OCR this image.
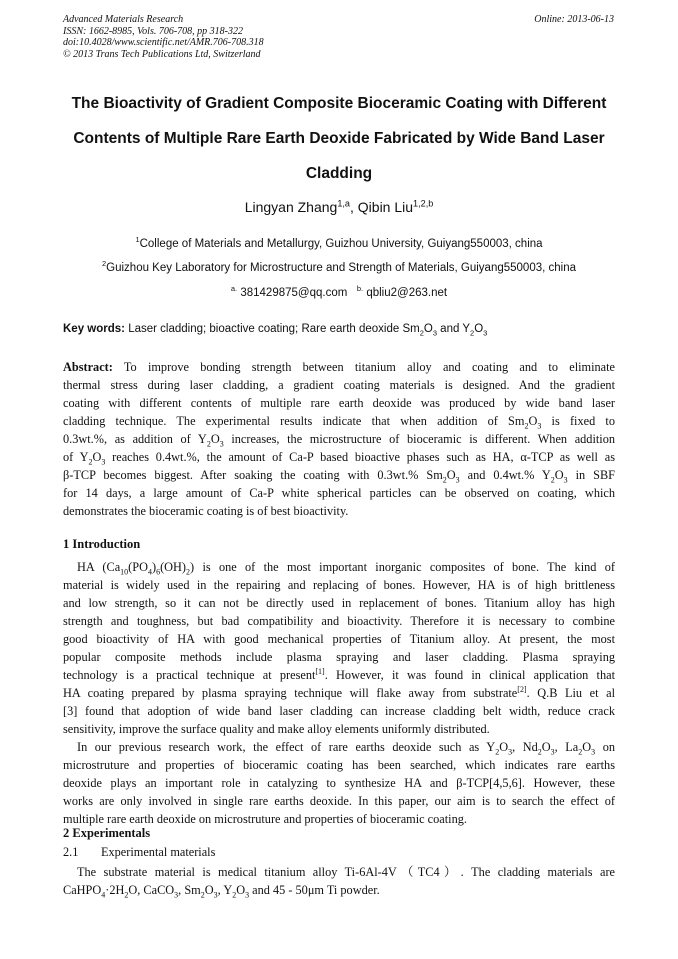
Advanced Materials Research
ISSN: 1662-8985, Vols. 706-708, pp 318-322
doi:10.4028/www.scientific.net/AMR.706-708.318
© 2013 Trans Tech Publications Ltd, Switzerland
Online: 2013-06-13
The Bioactivity of Gradient Composite Bioceramic Coating with Different
Contents of Multiple Rare Earth Deoxide Fabricated by Wide Band Laser
Cladding
Lingyan Zhang$^{1,a}$, Qibin Liu$^{1,2,b}$
$^1$College of Materials and Metallurgy, Guizhou University, Guiyang550003, china
$^2$Guizhou Key Laboratory for Microstructure and Strength of Materials, Guiyang550003, china
$^{a.}$ 381429875@qq.com $^{b.}$ qbliu2@263.net
Key words: Laser cladding; bioactive coating; Rare earth deoxide $Sm_2O_3$ and $Y_2O_3$
Abstract: To improve bonding strength between titanium alloy and coating and to eliminate
thermal stress during laser cladding, a gradient coating materials is designed. And the gradient
coating with different contents of multiple rare earth deoxide was produced by wide band laser
cladding technique. The experimental results indicate that when addition of $Sm_2O_3$ is fixed to
0.3wt.%, as addition of $Y_2O_3$ increases, the microstructure of bioceramic is different. When addition
of $Y_2O_3$ reaches 0.4wt.%, the amount of Ca-P based bioactive phases such as HA, α-TCP as well as
β-TCP becomes biggest. After soaking the coating with 0.3wt.% $Sm_2O_3$ and 0.4wt.% $Y_2O_3$ in SBF
for 14 days, a large amount of Ca-P white spherical particles can be observed on coating, which
demonstrates the bioceramic coating is of best bioactivity.
1 Introduction
HA $(Ca_{10}(PO_4)_6(OH)_2)$ is one of the most important inorganic composites of bone. The kind of
material is widely used in the repairing and replacing of bones. However, HA is of high brittleness
and low strength, so it can not be directly used in replacement of bones. Titanium alloy has high
strength and toughness, but bad compatibility and bioactivity. Therefore it is necessary to combine
good bioactivity of HA with good mechanical properties of Titanium alloy. At present, the most
popular composite methods include plasma spraying and laser cladding. Plasma spraying
technology is a practical technique at present[1]. However, it was found in clinical application that
HA coating prepared by plasma spraying technique will flake away from substrate[2]. Q.B Liu et al
[3] found that adoption of wide band laser cladding can increase cladding belt width, reduce crack
sensitivity, improve the surface quality and make alloy elements uniformly distributed.
In our previous research work, the effect of rare earths deoxide such as $Y_2O_3$, $Nd_2O_3$, $La_2O_3$ on
microstruture and properties of bioceramic coating has been searched, which indicates rare earths
deoxide plays an important role in catalyzing to synthesize HA and β-TCP[4,5,6]. However, these
works are only involved in single rare earths deoxide. In this paper, our aim is to search the effect of
multiple rare earth deoxide on microstruture and properties of bioceramic coating.
2 Experimentals
2.1 Experimental materials
The substrate material is medical titanium alloy Ti-6Al-4V（TC4）. The cladding materials are
$CaHPO_4\cdot 2H_2O$, CaCO$_3$, $Sm_2O_3$, $Y_2O_3$ and 45 - 50μm Ti powder.
